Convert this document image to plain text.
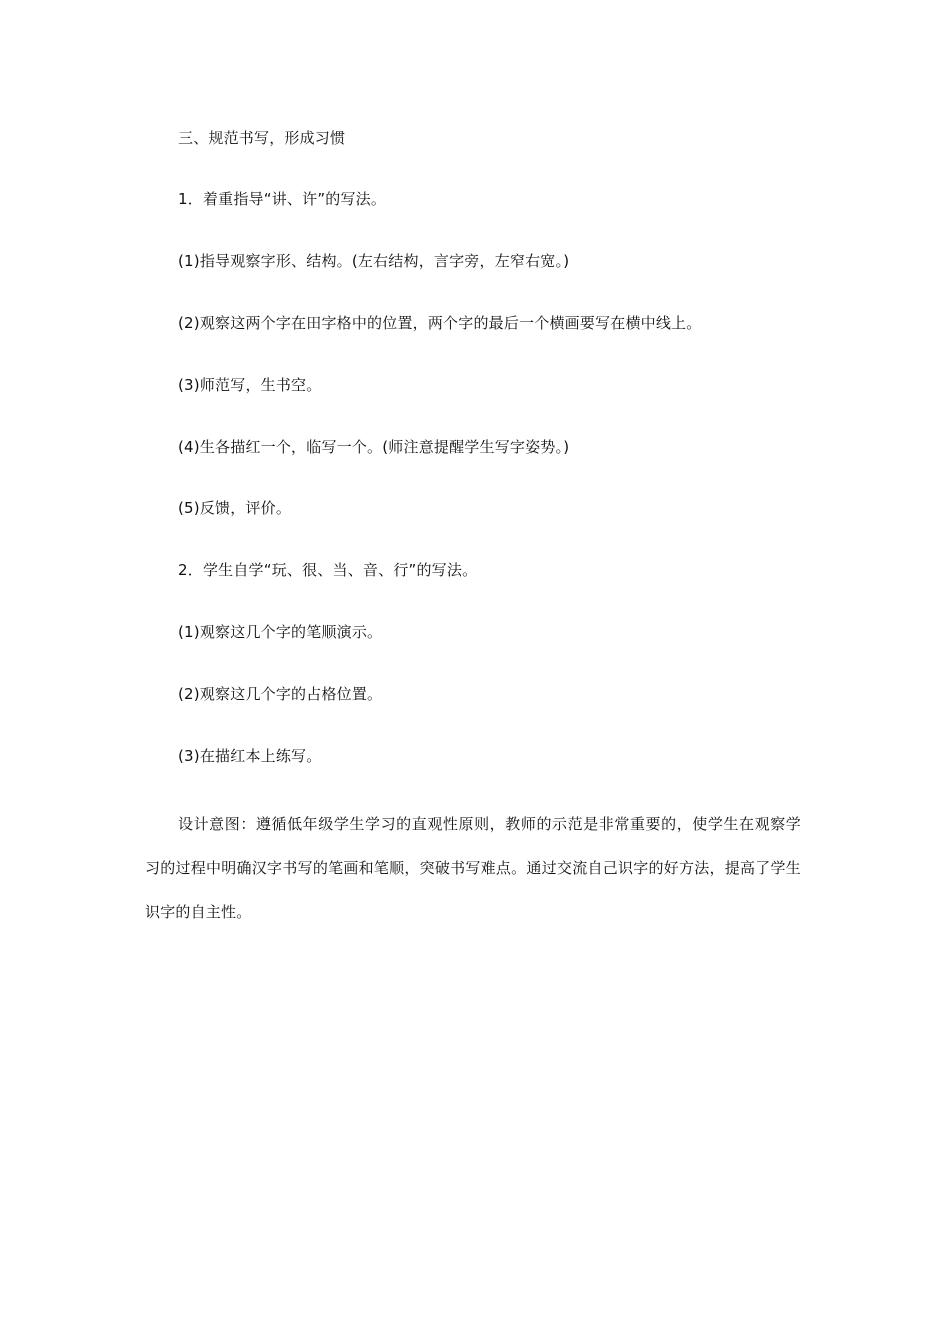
三、规范书写，形成习惯
1．着重指导“讲、许”的写法。
(1)指导观察字形、结构。(左右结构，言字旁，左窄右宽。)
(2)观察这两个字在田字格中的位置，两个字的最后一个横画要写在横中线上。
(3)师范写，生书空。
(4)生各描红一个，临写一个。(师注意提醒学生写字姿势。)
(5)反馈，评价。
2．学生自学“玩、很、当、音、行”的写法。
(1)观察这几个字的笔顺演示。
(2)观察这几个字的占格位置。
(3)在描红本上练写。
设计意图：遵循低年级学生学习的直观性原则，教师的示范是非常重要的，使学生在观察学习的过程中明确汉字书写的笔画和笔顺，突破书写难点。通过交流自己识字的好方法，提高了学生识字的自主性。
